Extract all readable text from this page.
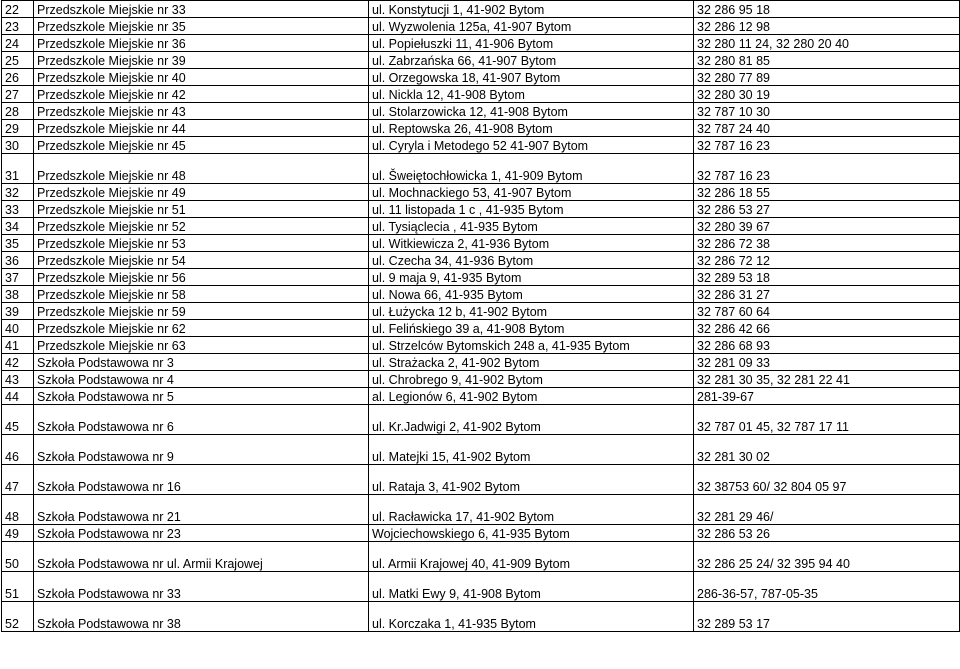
22	Przedszkole Miejskie nr 33	ul. Konstytucji 1, 41-902 Bytom	32 286 95 18
23	Przedszkole Miejskie nr 35	ul. Wyzwolenia 125a, 41-907 Bytom	32 286 12 98
24	Przedszkole Miejskie nr 36	ul. Popiełuszki 11, 41-906 Bytom	32 280 11 24, 32 280 20 40
25	Przedszkole Miejskie nr 39	ul. Zabrzańska 66, 41-907 Bytom	32 280 81 85
26	Przedszkole Miejskie nr 40	ul. Orzegowska 18, 41-907 Bytom	32 280 77 89
27	Przedszkole Miejskie nr 42	ul. Nickla 12, 41-908 Bytom	32 280 30 19
28	Przedszkole Miejskie nr 43	ul. Stolarzowicka 12, 41-908 Bytom	32 787 10 30
29	Przedszkole Miejskie nr 44	ul. Reptowska 26, 41-908 Bytom	32 787 24 40
30	Przedszkole Miejskie nr 45	ul. Cyryla i Metodego 52 41-907 Bytom	32 787 16 23
31	Przedszkole Miejskie nr 48	ul. Šweiętochłowicka 1, 41-909 Bytom	32 787 16 23
32	Przedszkole Miejskie nr 49	ul. Mochnackiego 53, 41-907 Bytom	32 286 18 55
33	Przedszkole Miejskie nr 51	ul. 11 listopada 1 c , 41-935 Bytom	32 286 53 27
34	Przedszkole Miejskie nr 52	ul. Tysiąclecia , 41-935 Bytom	32 280 39 67
35	Przedszkole Miejskie nr 53	ul. Witkiewicza 2, 41-936 Bytom	32 286 72 38
36	Przedszkole Miejskie nr 54	ul. Czecha 34, 41-936 Bytom	32 286 72 12
37	Przedszkole Miejskie nr 56	ul. 9 maja 9, 41-935 Bytom	32 289 53 18
38	Przedszkole Miejskie nr 58	ul. Nowa 66, 41-935 Bytom	32 286 31 27
39	Przedszkole Miejskie nr 59	ul. Łużycka 12 b, 41-902 Bytom	32 787 60 64
40	Przedszkole Miejskie nr 62	ul. Felińskiego 39 a, 41-908 Bytom	32 286 42 66
41	Przedszkole Miejskie nr 63	ul. Strzelców Bytomskich 248 a, 41-935 Bytom	32 286 68 93
42	Szkoła Podstawowa nr 3	ul. Strażacka 2, 41-902 Bytom	32 281 09 33
43	Szkoła Podstawowa nr 4	ul. Chrobrego 9, 41-902 Bytom	32 281 30 35, 32 281 22 41
44	Szkoła Podstawowa nr 5	al. Legionów 6, 41-902 Bytom	281-39-67
45	Szkoła Podstawowa nr 6	ul. Kr.Jadwigi 2, 41-902 Bytom	32 787 01 45, 32 787 17 11
46	Szkoła Podstawowa nr 9	ul. Matejki 15, 41-902 Bytom	32 281 30 02
47	Szkoła Podstawowa nr 16	ul. Rataja 3, 41-902 Bytom	32 38753 60/ 32 804 05 97
48	Szkoła Podstawowa nr 21	ul. Racławicka 17, 41-902 Bytom	32 281 29 46/
49	Szkoła Podstawowa nr 23	Wojciechowskiego 6, 41-935 Bytom	32 286 53 26
50	Szkoła Podstawowa nr ul. Armii Krajowej	ul. Armii Krajowej 40, 41-909 Bytom	32 286 25 24/ 32 395 94 40
51	Szkoła Podstawowa nr 33	ul. Matki Ewy 9, 41-908 Bytom	286-36-57, 787-05-35
52	Szkoła Podstawowa nr 38	ul. Korczaka 1, 41-935 Bytom	32 289 53 17
